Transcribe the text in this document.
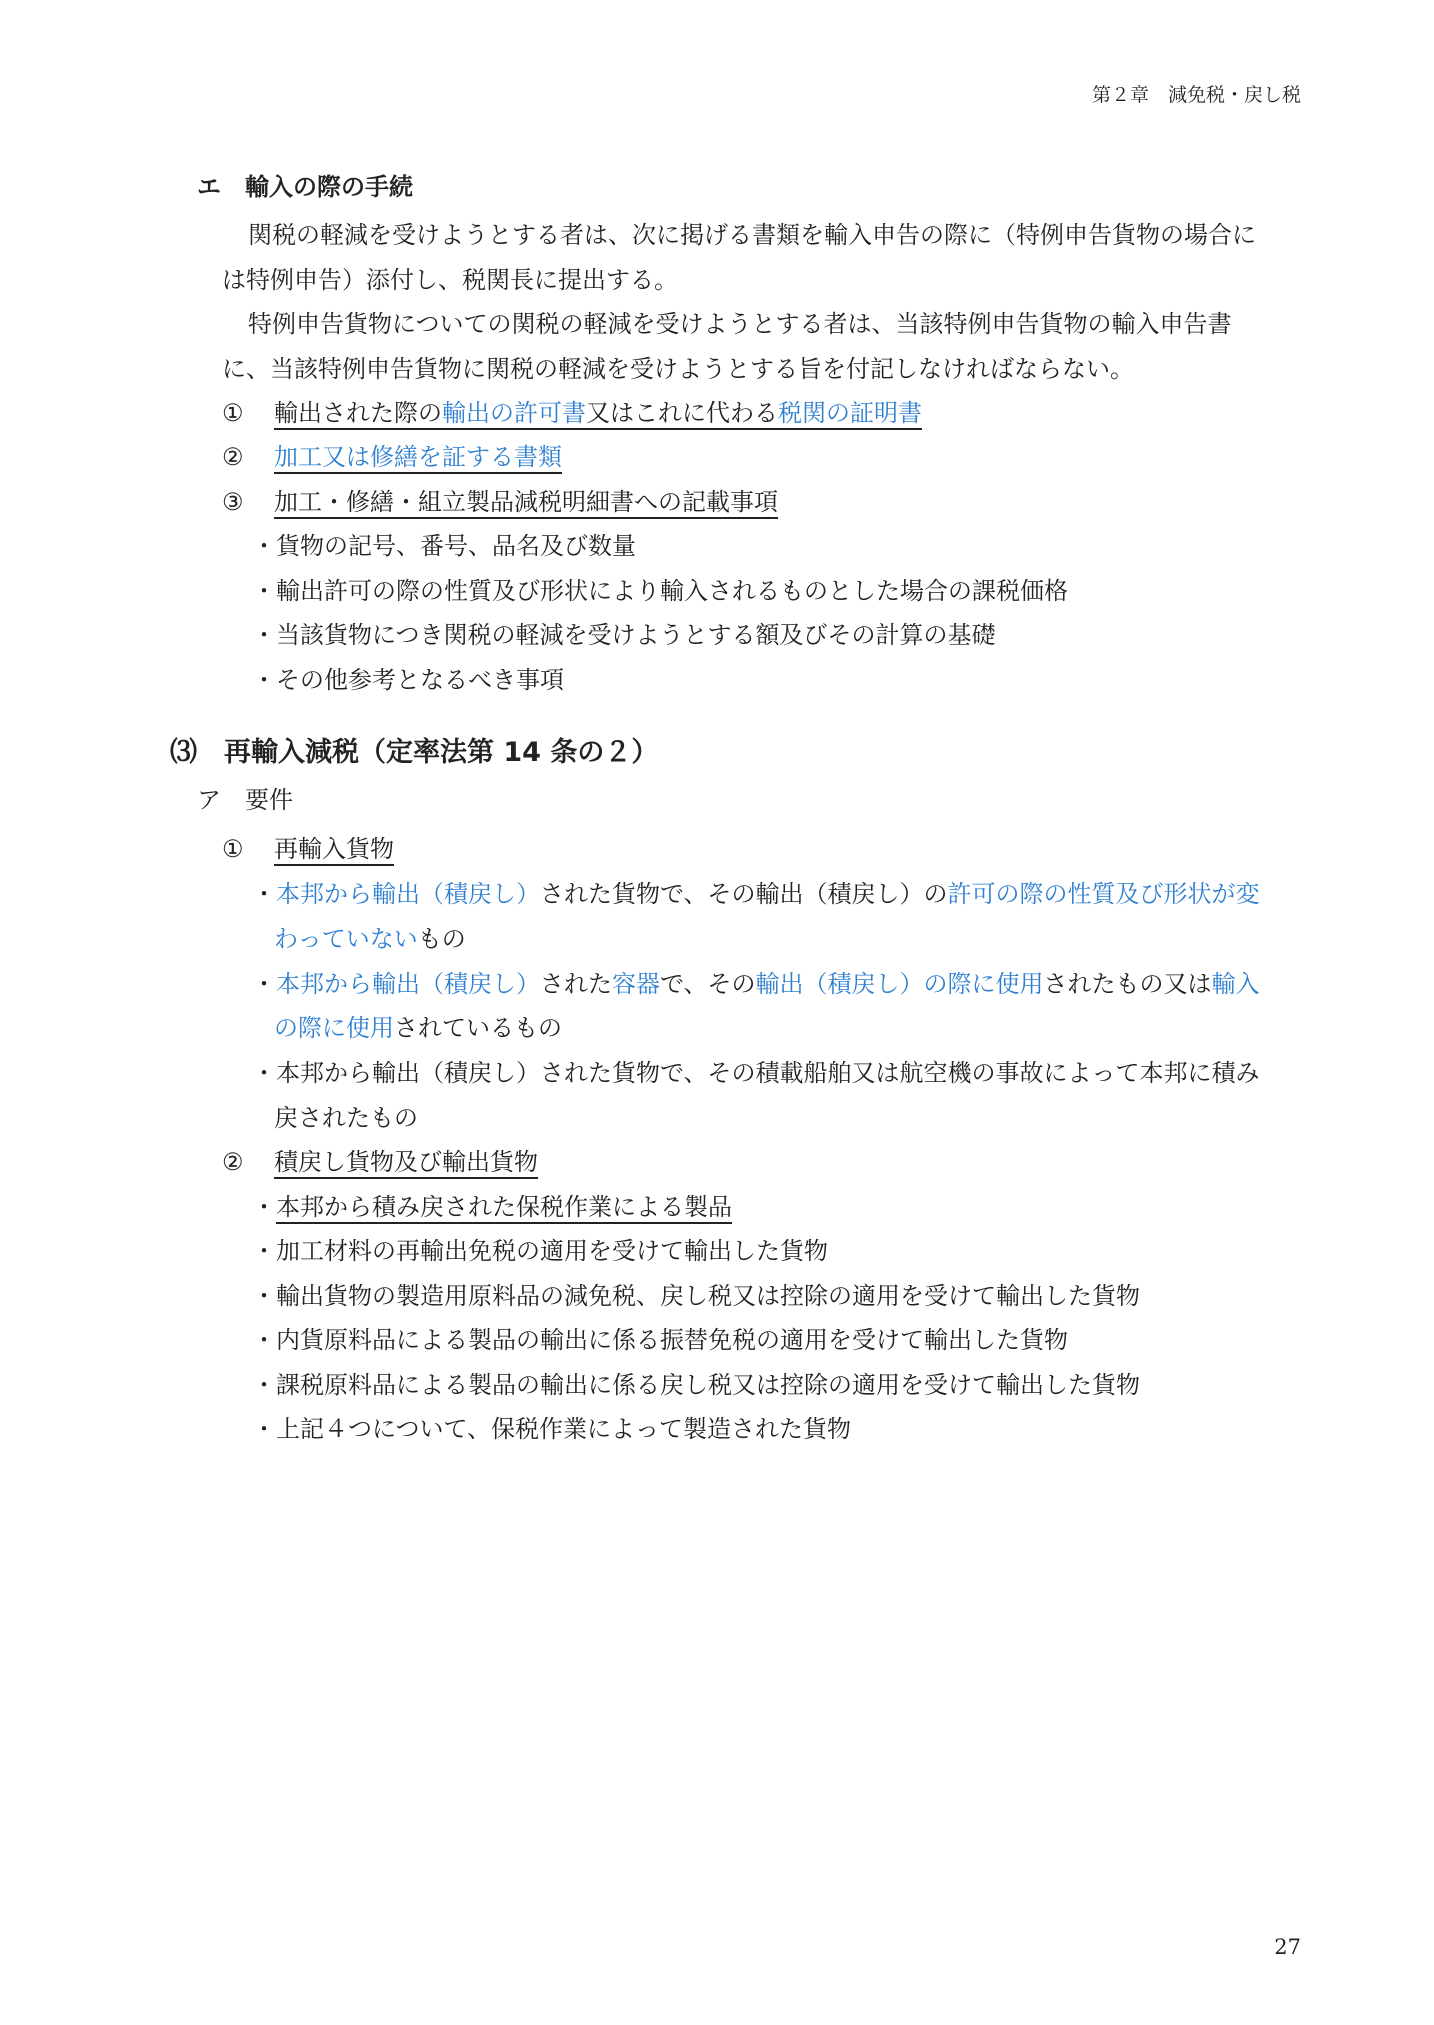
第２章　減免税・戻し税
エ　輸入の際の手続
関税の軽減を受けようとする者は、次に掲げる書類を輸入申告の際に（特例申告貨物の場合に
は特例申告）添付し、税関長に提出する。
特例申告貨物についての関税の軽減を受けようとする者は、当該特例申告貨物の輸入申告書
に、当該特例申告貨物に関税の軽減を受けようとする旨を付記しなければならない。
① 輸出された際の輸出の許可書又はこれに代わる税関の証明書
② 加工又は修繕を証する書類
③ 加工・修繕・組立製品減税明細書への記載事項
・貨物の記号、番号、品名及び数量
・輸出許可の際の性質及び形状により輸入されるものとした場合の課税価格
・当該貨物につき関税の軽減を受けようとする額及びその計算の基礎
・その他参考となるべき事項
⑶　再輸入減税（定率法第 14 条の２）
ア　要件
① 再輸入貨物
・本邦から輸出（積戻し）された貨物で、その輸出（積戻し）の許可の際の性質及び形状が変
わっていないもの
・本邦から輸出（積戻し）された容器で、その輸出（積戻し）の際に使用されたもの又は輸入
の際に使用されているもの
・本邦から輸出（積戻し）された貨物で、その積載船舶又は航空機の事故によって本邦に積み
戻されたもの
② 積戻し貨物及び輸出貨物
・本邦から積み戻された保税作業による製品
・加工材料の再輸出免税の適用を受けて輸出した貨物
・輸出貨物の製造用原料品の減免税、戻し税又は控除の適用を受けて輸出した貨物
・内貨原料品による製品の輸出に係る振替免税の適用を受けて輸出した貨物
・課税原料品による製品の輸出に係る戻し税又は控除の適用を受けて輸出した貨物
・上記４つについて、保税作業によって製造された貨物
27
